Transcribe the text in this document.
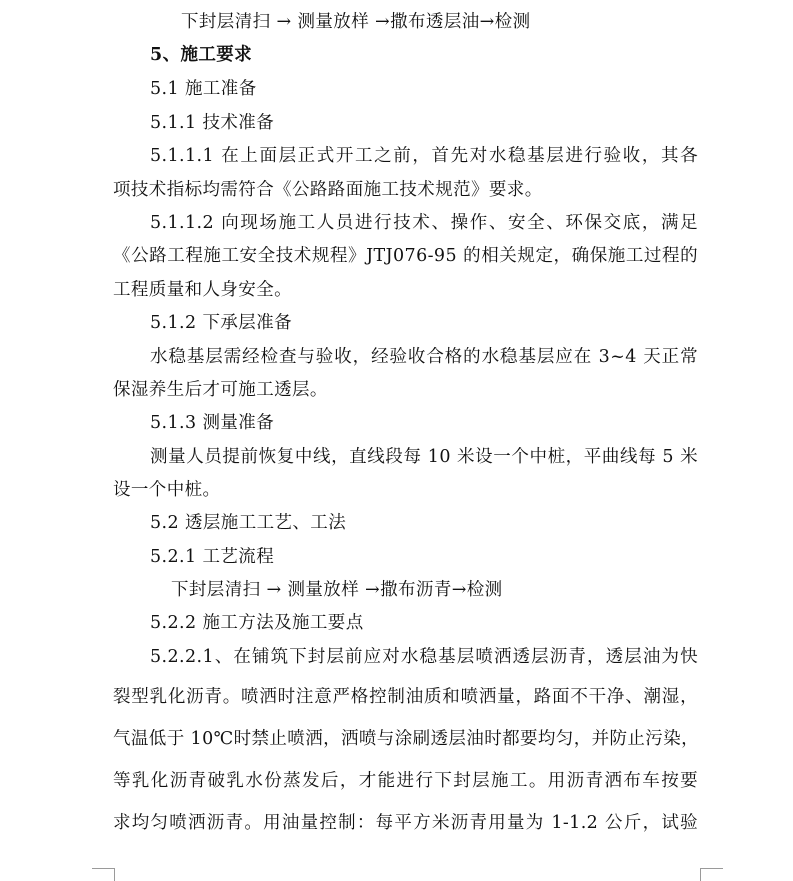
下封层清扫 → 测量放样 →撒布透层油→检测
5、施工要求
5.1 施工准备
5.1.1 技术准备
5.1.1.1 在上面层正式开工之前，首先对水稳基层进行验收，其各
项技术指标均需符合《公路路面施工技术规范》要求。
5.1.1.2 向现场施工人员进行技术、操作、安全、环保交底，满足
《公路工程施工安全技术规程》JTJ076-95 的相关规定，确保施工过程的
工程质量和人身安全。
5.1.2 下承层准备
水稳基层需经检查与验收，经验收合格的水稳基层应在 3~4 天正常
保湿养生后才可施工透层。
5.1.3 测量准备
测量人员提前恢复中线，直线段每 10 米设一个中桩，平曲线每 5 米
设一个中桩。
5.2 透层施工工艺、工法
5.2.1 工艺流程
下封层清扫 → 测量放样 →撒布沥青→检测
5.2.2 施工方法及施工要点
5.2.2.1、在铺筑下封层前应对水稳基层喷洒透层沥青，透层油为快
裂型乳化沥青。喷洒时注意严格控制油质和喷洒量，路面不干净、潮湿，
气温低于 10℃时禁止喷洒，洒喷与涂刷透层油时都要均匀，并防止污染，
等乳化沥青破乳水份蒸发后，才能进行下封层施工。用沥青洒布车按要
求均匀喷洒沥青。用油量控制：每平方米沥青用量为 1-1.2 公斤，试验
